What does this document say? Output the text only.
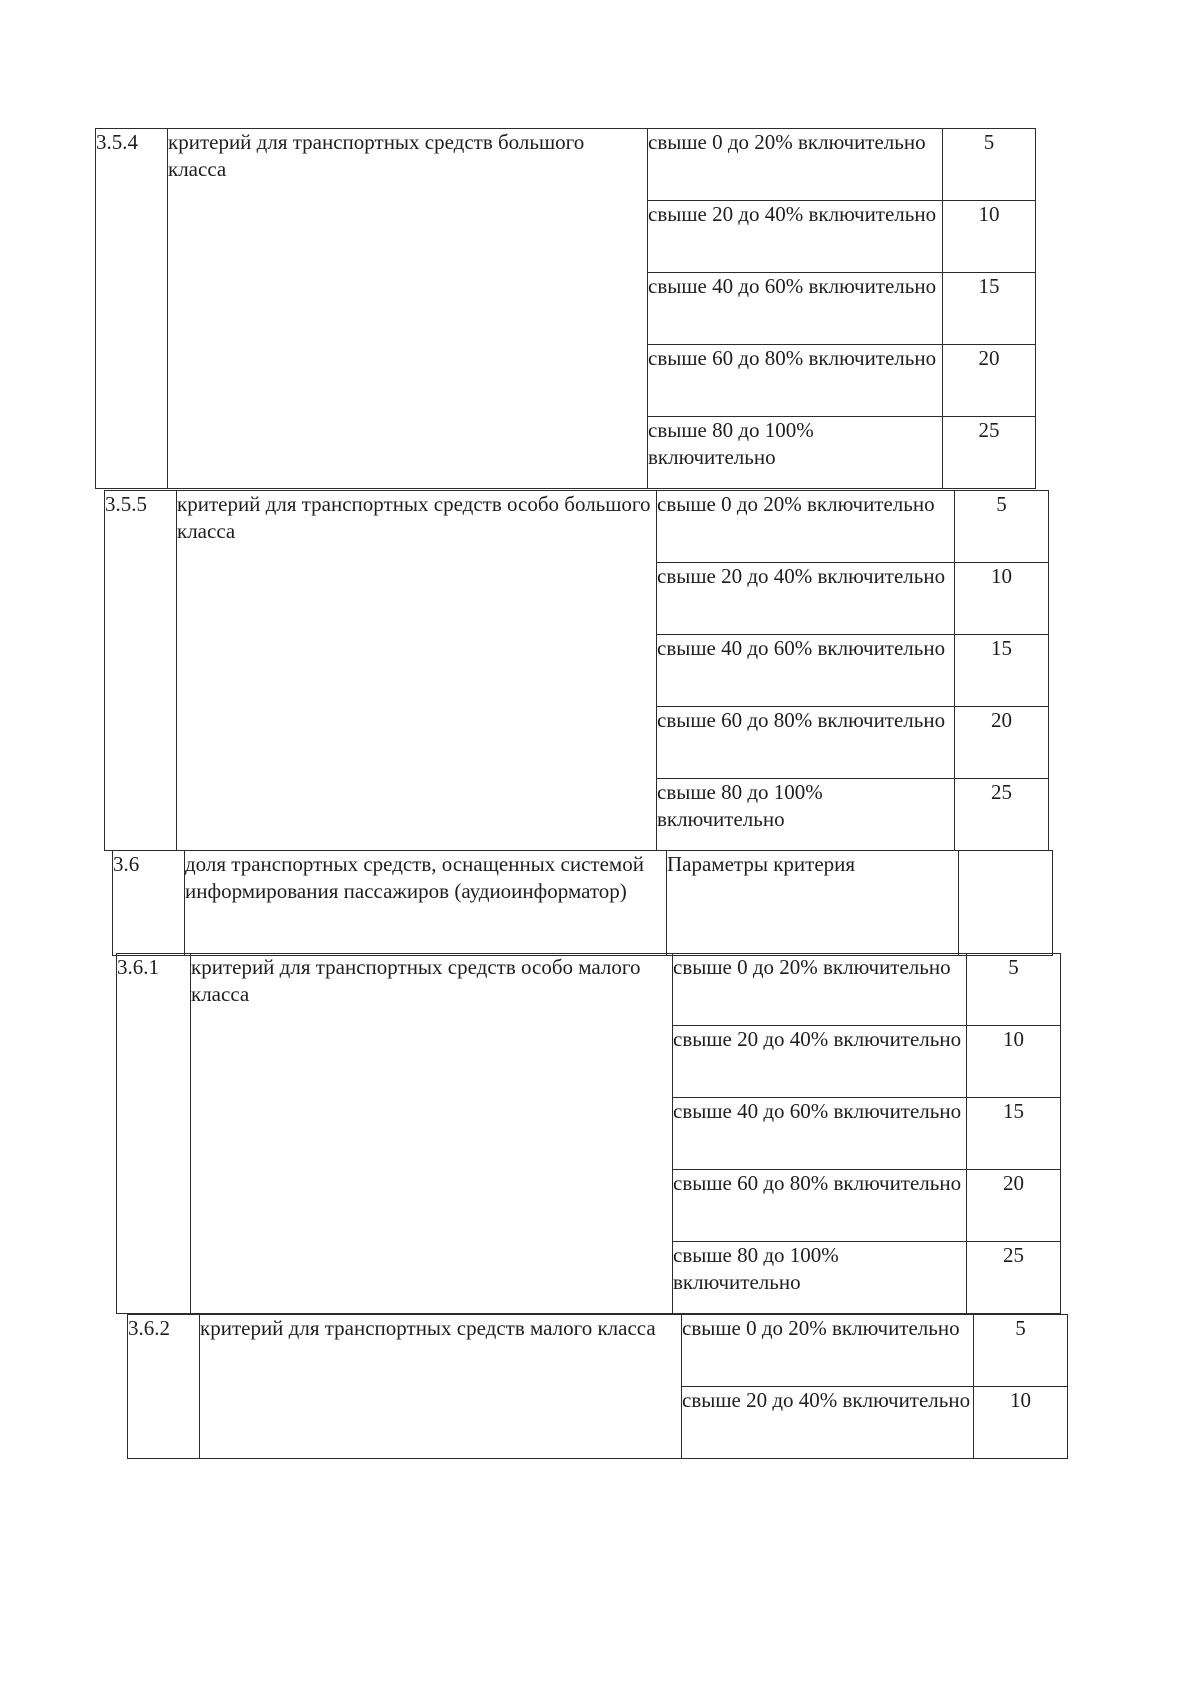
3.5.4	критерий для транспортных средств большого класса	свыше 0 до 20% включительно	5
		свыше 20 до 40% включительно	10
		свыше 40 до 60% включительно	15
		свыше 60 до 80% включительно	20
		свыше 80 до 100% включительно	25
3.5.5	критерий для транспортных средств особо большого класса	свыше 0 до 20% включительно	5
		свыше 20 до 40% включительно	10
		свыше 40 до 60% включительно	15
		свыше 60 до 80% включительно	20
		свыше 80 до 100% включительно	25
3.6	доля транспортных средств, оснащенных системой информирования пассажиров (аудиоинформатор)	Параметры критерия	
3.6.1	критерий для транспортных средств особо малого класса	свыше 0 до 20% включительно	5
		свыше 20 до 40% включительно	10
		свыше 40 до 60% включительно	15
		свыше 60 до 80% включительно	20
		свыше 80 до 100% включительно	25
3.6.2	критерий для транспортных средств малого класса	свыше 0 до 20% включительно	5
		свыше 20 до 40% включительно	10
